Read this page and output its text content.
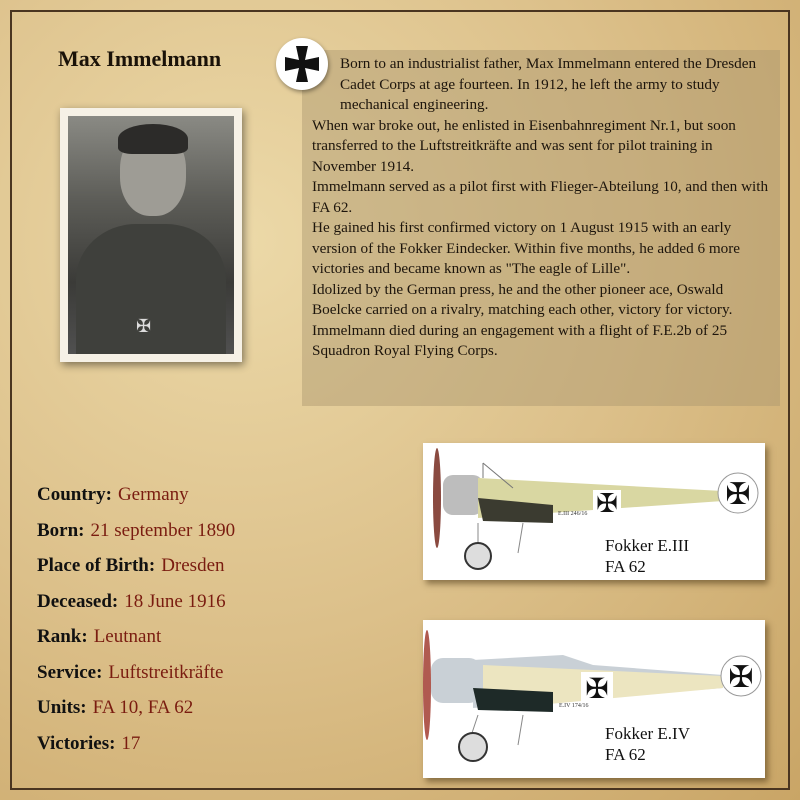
Max Immelmann
✠

Born to an industrialist father, Max Immelmann entered the Dresden Cadet Corps at age fourteen. In 1912, he left the army to study mechanical engineering.

When war broke out, he enlisted in Eisenbahnregiment Nr.1, but soon transferred to the Luftstreitkräfte and was sent for pilot training in November 1914.

Immelmann served as a pilot first with Flieger-Abteilung 10, and then with FA 62.

He gained his first confirmed victory on 1 August 1915 with an early version of the Fokker Eindecker. Within five months, he added 6 more victories and became known as "The eagle of Lille".

Idolized by the German press, he and the other pioneer ace, Oswald Boelcke carried on a rivalry, matching each other, victory for victory.

Immelmann died during an engagement with a flight of F.E.2b of 25 Squadron Royal Flying Corps.

Country: Germany
Born: 21 september 1890
Place of Birth: Dresden
Deceased: 18 June 1916
Rank: Leutnant
Service: Luftstreitkräfte
Units: FA 10, FA 62
Victories: 17
✠	✠
E.III 246/16
Fokker E.III
FA 62
✠	✠
E.IV 174/16
Fokker E.IV
FA 62
